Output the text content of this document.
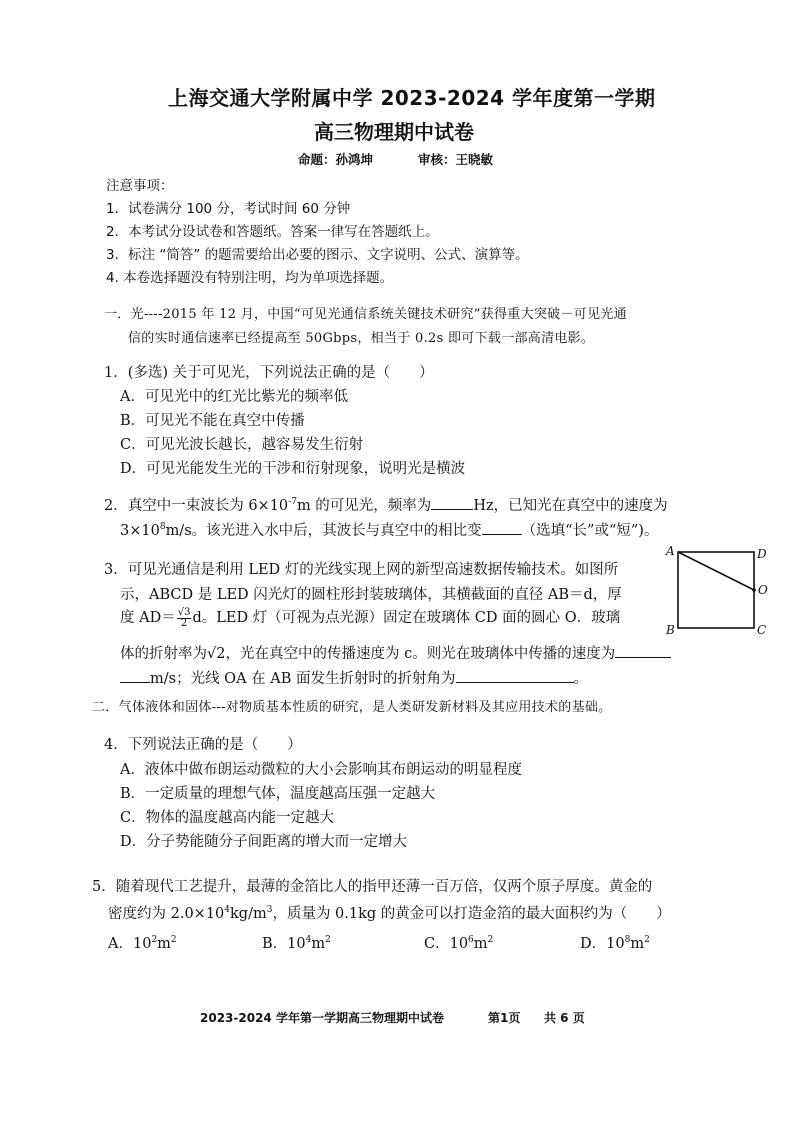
上海交通大学附属中学 2023-2024 学年度第一学期
高三物理期中试卷
命题：孙鸿坤	审核：王晓敏
注意事项：
1．试卷满分 100 分，考试时间 60 分钟
2．本考试分设试卷和答题纸。答案一律写在答题纸上。
3．标注 “简答” 的题需要给出必要的图示、文字说明、公式、演算等。
4. 本卷选择题没有特别注明，均为单项选择题。
一．光----2015 年 12 月，中国“可见光通信系统关键技术研究”获得重大突破－可见光通
信的实时通信速率已经提高至 50Gbps，相当于 0.2s 即可下载一部高清电影。
1．(多选) 关于可见光，下列说法正确的是（　　）
A．可见光中的红光比紫光的频率低
B．可见光不能在真空中传播
C．可见光波长越长，越容易发生衍射
D．可见光能发生光的干涉和衍射现象，说明光是横波
2．真空中一束波长为 $6\times 10^{-7}m$ 的可见光，频率为	Hz，已知光在真空中的速度为
$3\times 10^8m/s$。该光进入水中后，其波长与真空中的相比变	（选填“长”或“短”)。
3．可见光通信是利用 LED 灯的光线实现上网的新型高速数据传输技术。如图所
示，ABCD 是 LED 闪光灯的圆柱形封装玻璃体，其横截面的直径 AB＝d，厚
度 $AD= \frac{√3}{2}$ d。LED 灯（可视为点光源）固定在玻璃体 CD 面的圆心 O．玻璃
体的折射率为√2，光在真空中的传播速度为 c。则光在玻璃体中传播的速度为
m/s；光线 OA 在 AB 面发生折射时的折射角为	。
A	D
O
B	C
二．气体液体和固体---对物质基本性质的研究，是人类研发新材料及其应用技术的基础。
4．下列说法正确的是（　　）
A．液体中做布朗运动微粒的大小会影响其布朗运动的明显程度
B．一定质量的理想气体，温度越高压强一定越大
C．物体的温度越高内能一定越大
D．分子势能随分子间距离的增大而一定增大
5．随着现代工艺提升，最薄的金箔比人的指甲还薄一百万倍，仅两个原子厚度。黄金的
密度约为 $2.0\times 10^4kg/m^3$，质量为 0.1kg 的黄金可以打造金箔的最大面积约为（　　）
A．$10^2m^2$	B．$10^4m^2$	C．$10^6m^2$	D．$10^8m^2$
2023-2024 学年第一学期高三物理期中试卷	第1页 共 6 页
